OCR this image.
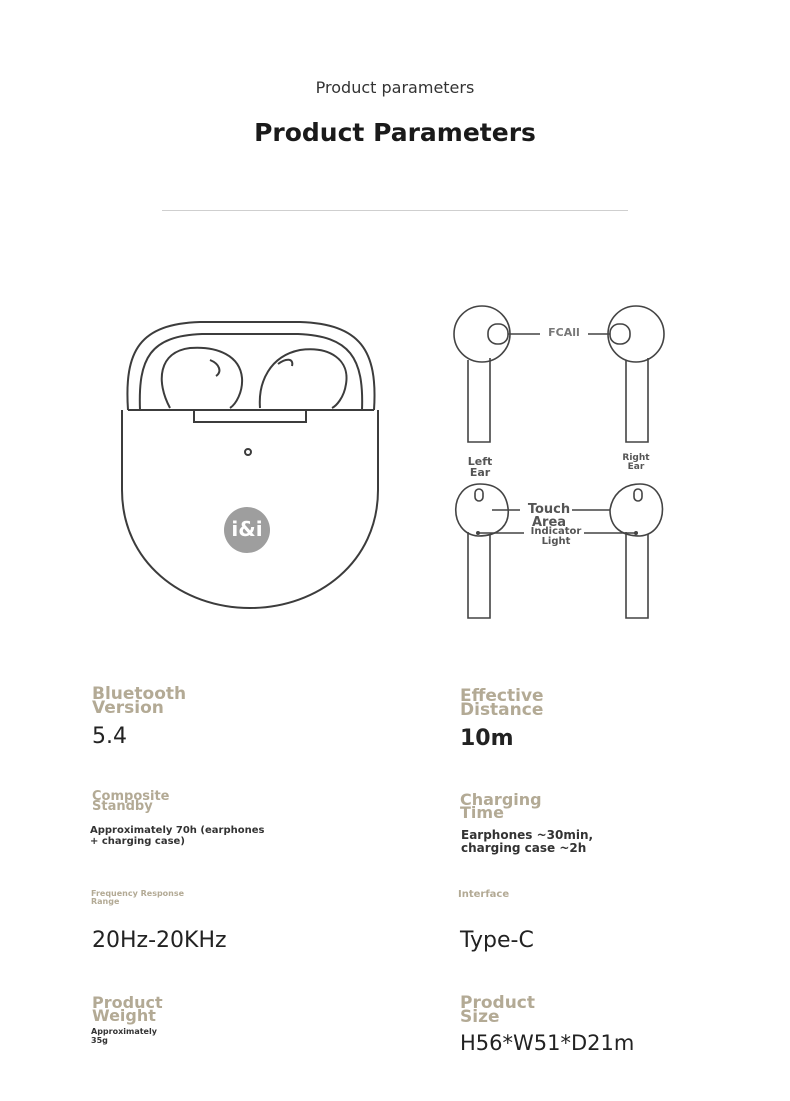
Product parameters
Product Parameters
i&i
FCAll
Left
Ear
Right
Ear
Touch
Area
Indicator
Light
Bluetooth
Version
5.4
Effective
Distance
10m
Composite
Standby
Approximately 70h (earphones
+ charging case)
Charging
Time
Earphones ~30min,
charging case ~2h
Frequency Response
Range
20Hz-20KHz
Interface
Type-C
Product
Weight
Approximately
35g
Product
Size
H56*W51*D21m
